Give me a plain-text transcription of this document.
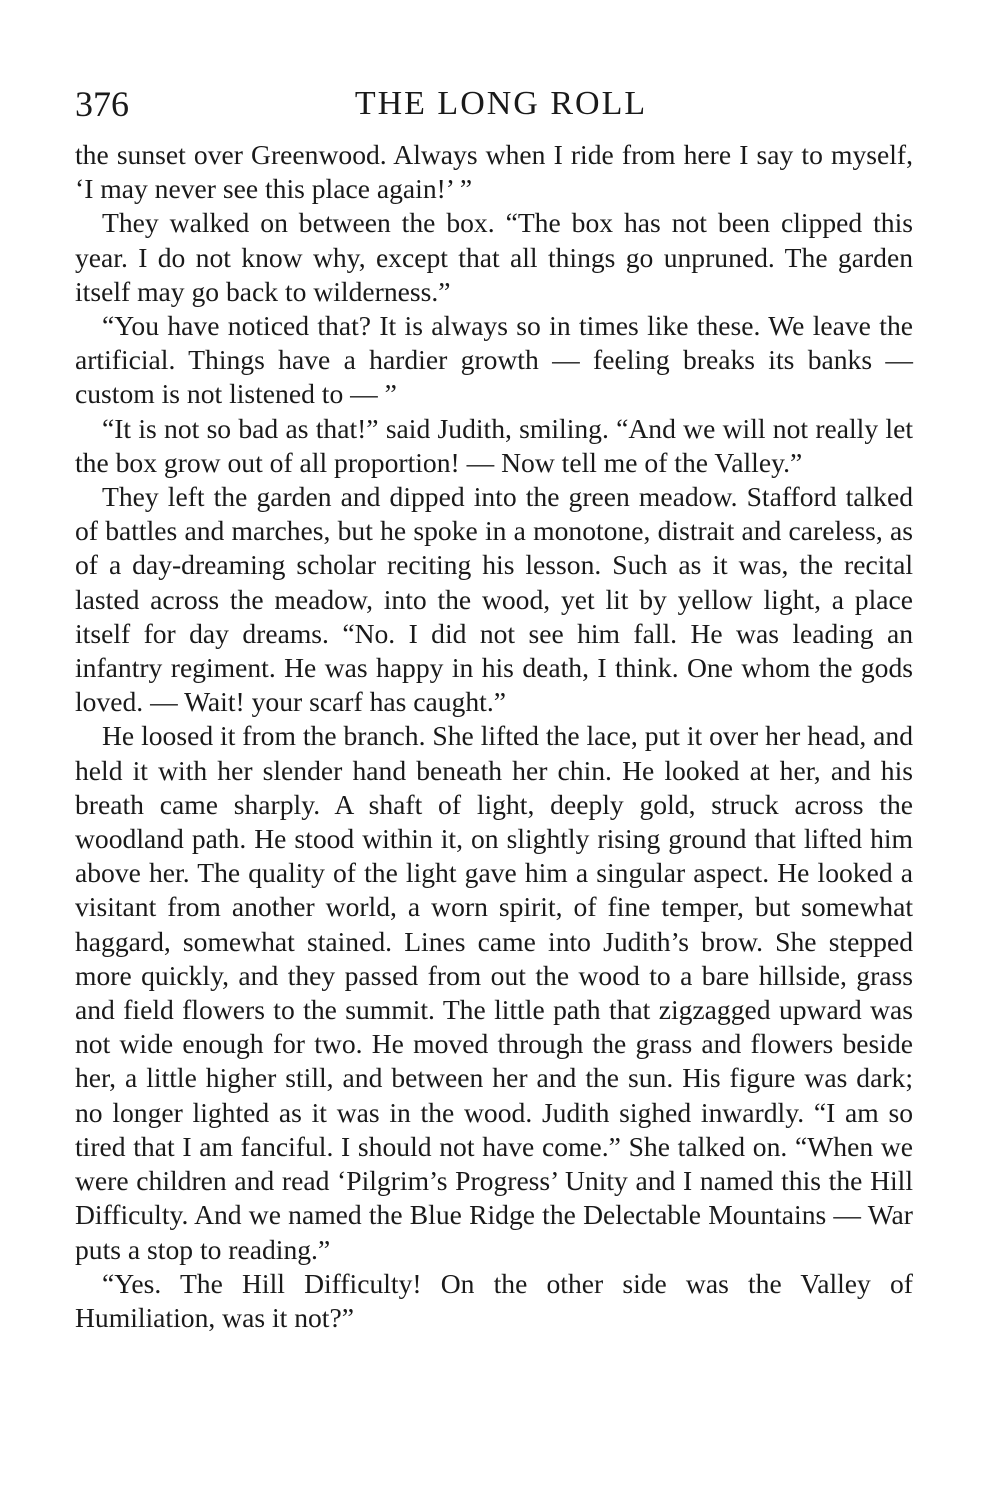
376	THE LONG ROLL

the sunset over Greenwood. Always when I ride from here I say to myself, ‘I may never see this place again!’ ”

They walked on between the box. “The box has not been clipped this year. I do not know why, except that all things go unpruned. The garden itself may go back to wilderness.”

“You have noticed that? It is always so in times like these. We leave the artificial. Things have a hardier growth — feeling breaks its banks — custom is not listened to — ”

“It is not so bad as that!” said Judith, smiling. “And we will not really let the box grow out of all proportion! — Now tell me of the Valley.”

They left the garden and dipped into the green meadow. Stafford talked of battles and marches, but he spoke in a monotone, distrait and careless, as of a day-dreaming scholar reciting his lesson. Such as it was, the recital lasted across the meadow, into the wood, yet lit by yellow light, a place itself for day dreams. “No. I did not see him fall. He was leading an infantry regiment. He was happy in his death, I think. One whom the gods loved. — Wait! your scarf has caught.”

He loosed it from the branch. She lifted the lace, put it over her head, and held it with her slender hand beneath her chin. He looked at her, and his breath came sharply. A shaft of light, deeply gold, struck across the woodland path. He stood within it, on slightly rising ground that lifted him above her. The quality of the light gave him a singular aspect. He looked a visitant from another world, a worn spirit, of fine temper, but somewhat haggard, somewhat stained. Lines came into Judith’s brow. She stepped more quickly, and they passed from out the wood to a bare hillside, grass and field flowers to the summit. The little path that zigzagged upward was not wide enough for two. He moved through the grass and flowers beside her, a little higher still, and between her and the sun. His figure was dark; no longer lighted as it was in the wood. Judith sighed inwardly. “I am so tired that I am fanciful. I should not have come.” She talked on. “When we were children and read ‘Pilgrim’s Progress’ Unity and I named this the Hill Difficulty. And we named the Blue Ridge the Delectable Mountains — War puts a stop to reading.”

“Yes. The Hill Difficulty! On the other side was the Valley of Humiliation, was it not?”
